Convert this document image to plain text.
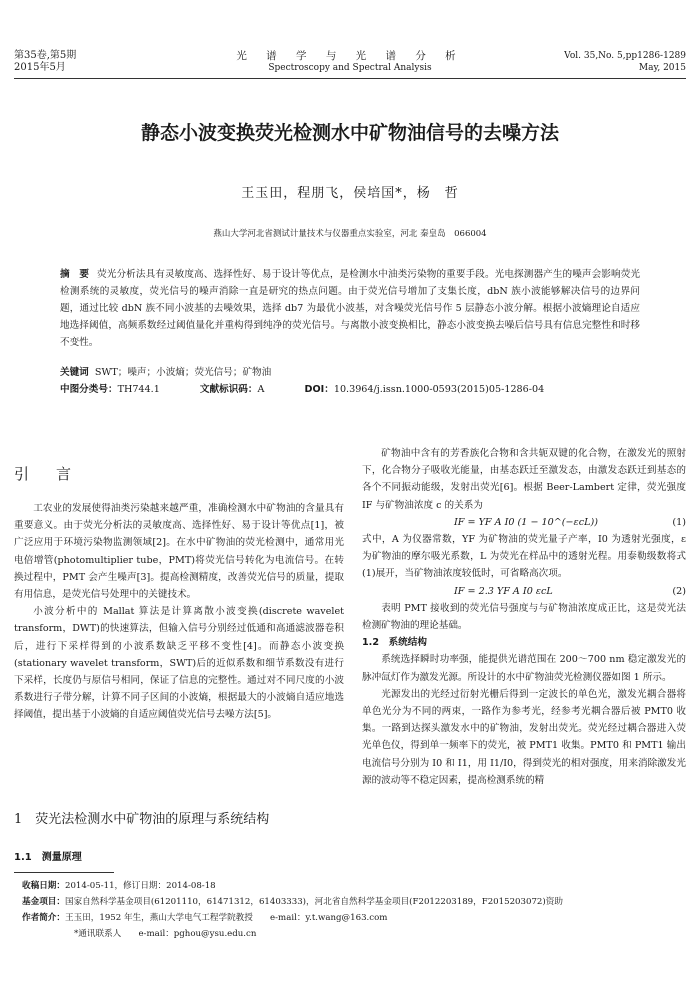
第35卷,第5期
2015年5月
光 谱 学 与 光 谱 分 析
Spectroscopy and Spectral Analysis
Vol. 35,No. 5,pp1286-1289
May, 2015
静态小波变换荧光检测水中矿物油信号的去噪方法
王玉田，程朋飞，侯培国*，杨　哲
燕山大学河北省测试计量技术与仪器重点实验室，河北 秦皇岛　066004
摘　要 荧光分析法具有灵敏度高、选择性好、易于设计等优点，是检测水中油类污染物的重要手段。光电探测器产生的噪声会影响荧光检测系统的灵敏度，荧光信号的噪声消除一直是研究的热点问题。由于荧光信号增加了支集长度，dbN 族小波能够解决信号的边界问题，通过比较 dbN 族不同小波基的去噪效果，选择 db7 为最优小波基，对含噪荧光信号作 5 层静态小波分解。根据小波熵理论自适应地选择阈值，高频系数经过阈值量化并重构得到纯净的荧光信号。与离散小波变换相比，静态小波变换去噪后信号具有信息完整性和时移不变性。
关键词 SWT；噪声；小波熵；荧光信号；矿物油
中图分类号：TH744.1	文献标识码：A	DOI：10.3964/j.issn.1000-0593(2015)05-1286-04
引　言

工农业的发展使得油类污染越来越严重，准确检测水中矿物油的含量具有重要意义。由于荧光分析法的灵敏度高、选择性好、易于设计等优点[1]，被广泛应用于环境污染物监测领域[2]。在水中矿物油的荧光检测中，通常用光电倍增管(photomultiplier tube，PMT)将荧光信号转化为电流信号。在转换过程中，PMT 会产生噪声[3]。提高检测精度，改善荧光信号的质量，提取有用信息，是荧光信号处理中的关键技术。

小波分析中的 Mallat 算法是计算离散小波变换(discrete wavelet transform，DWT)的快速算法，但输入信号分别经过低通和高通滤波器卷积后，进行下采样得到的小波系数缺乏平移不变性[4]。而静态小波变换(stationary wavelet transform，SWT)后的近似系数和细节系数没有进行下采样，长度仍与原信号相同，保证了信息的完整性。通过对不同尺度的小波系数进行子带分解，计算不同子区间的小波熵，根据最大的小波熵自适应地选择阈值，提出基于小波熵的自适应阈值荧光信号去噪方法[5]。

1　荧光法检测水中矿物油的原理与系统结构
1.1　测量原理

矿物油中含有的芳香族化合物和含共轭双键的化合物，在激发光的照射下，化合物分子吸收光能量，由基态跃迁至激发态，由激发态跃迁到基态的各个不同振动能级，发射出荧光[6]。根据 Beer-Lambert 定律，荧光强度 IF 与矿物油浓度 c 的关系为

IF = YF A I0 (1 − 10^(−εcL))	(1)

式中，A 为仪器常数，YF 为矿物油的荧光量子产率，I0 为透射光强度，ε 为矿物油的摩尔吸光系数，L 为荧光在样品中的透射光程。用泰勒级数将式(1)展开，当矿物油浓度较低时，可省略高次项。

IF = 2.3 YF A I0 εcL	(2)

表明 PMT 接收到的荧光信号强度与与矿物油浓度成正比，这是荧光法检测矿物油的理论基础。

1.2　系统结构

系统选择瞬时功率强，能提供光谱范围在 200～700 nm 稳定激发光的脉冲氙灯作为激发光源。所设计的水中矿物油荧光检测仪器如图 1 所示。

光源发出的光经过衍射光栅后得到一定波长的单色光，激发光耦合器将单色光分为不同的两束，一路作为参考光，经参考光耦合器后被 PMT0 收集。一路到达探头激发水中的矿物油，发射出荧光。荧光经过耦合器进入荧光单色仪，得到单一频率下的荧光，被 PMT1 收集。PMT0 和 PMT1 输出电流信号分别为 I0 和 I1，用 I1/I0，得到荧光的相对强度，用来消除激发光源的波动等不稳定因素，提高检测系统的精

收稿日期：2014-05-11，修订日期：2014-08-18
基金项目：国家自然科学基金项目(61201110，61471312，61403333)，河北省自然科学基金项目(F2012203189，F2015203072)资助
作者简介：王玉田，1952 年生，燕山大学电气工程学院教授　　e-mail：y.t.wang@163.com
*通讯联系人　　e-mail：pghou@ysu.edu.cn
